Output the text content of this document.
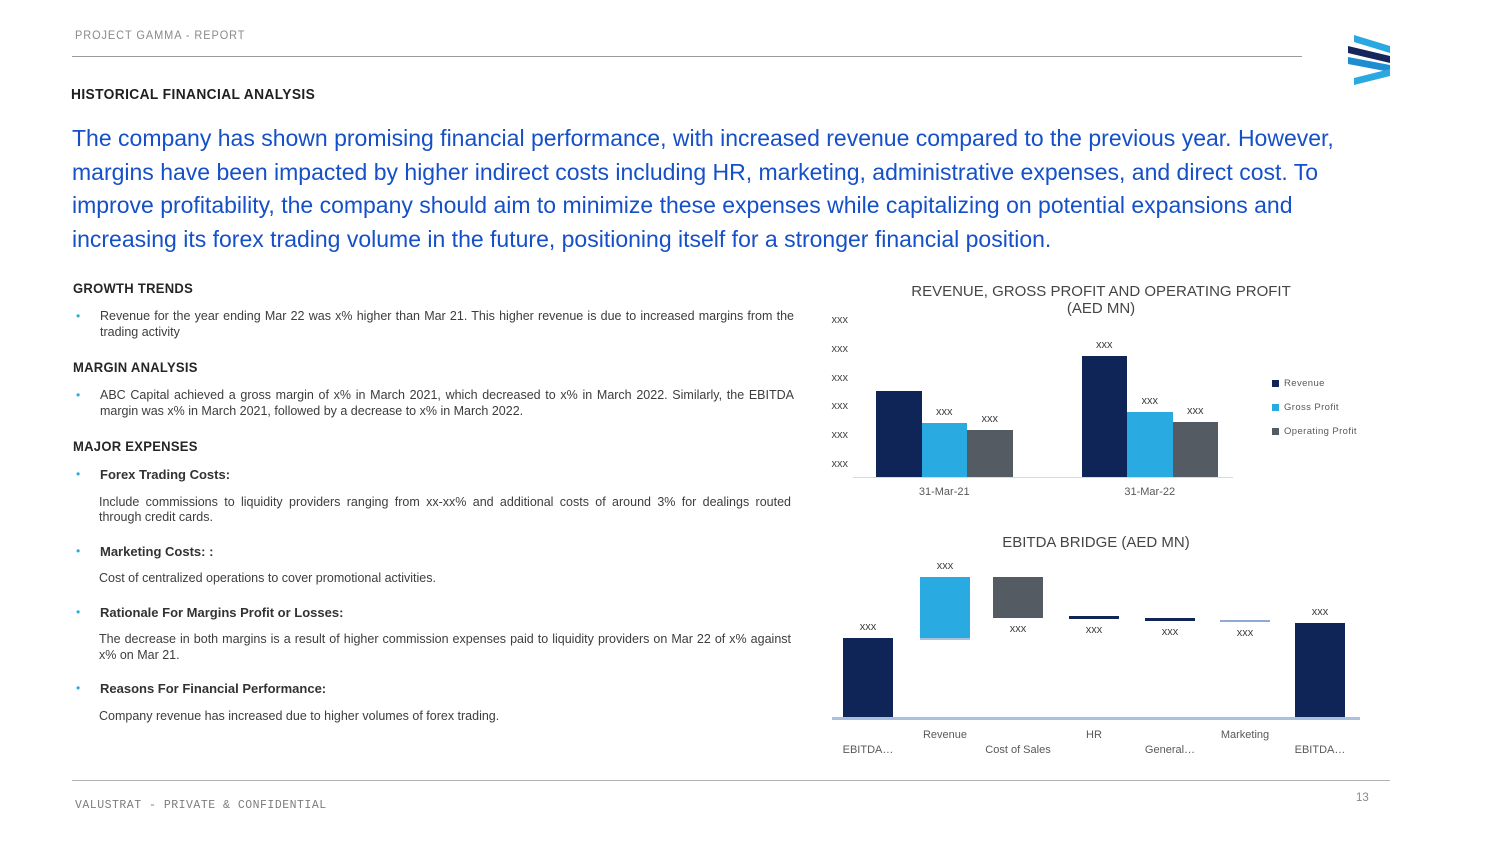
PROJECT GAMMA - REPORT
HISTORICAL FINANCIAL ANALYSIS
The company has shown promising financial performance, with increased revenue compared to the previous year. However, margins have been impacted by higher indirect costs including HR, marketing, administrative expenses, and direct cost. To improve profitability, the company should aim to minimize these expenses while capitalizing on potential expansions and increasing its forex trading volume in the future, positioning itself for a stronger financial position.
GROWTH TRENDS
•	Revenue for the year ending Mar 22 was x% higher than Mar 21. This higher revenue is due to increased margins from the trading activity
MARGIN ANALYSIS
•	ABC Capital achieved a gross margin of x% in March 2021, which decreased to x% in March 2022. Similarly, the EBITDA margin was x% in March 2021, followed by a decrease to x% in March 2022.
MAJOR EXPENSES
•	Forex Trading Costs:
Include commissions to liquidity providers ranging from xx-xx% and additional costs of around 3% for dealings routed through credit cards.
•	Marketing Costs: :
Cost of centralized operations to cover promotional activities.
•	Rationale For Margins Profit or Losses:
The decrease in both margins is a result of higher commission expenses paid to liquidity providers on Mar 22 of x% against x% on Mar 21.
•	Reasons For Financial Performance:
Company revenue has increased due to higher volumes of forex trading.
REVENUE, GROSS PROFIT AND OPERATING PROFIT
(AED MN)
xxx
xxx
xxx
xxx
xxx
xxx
xxx
xxx
31-Mar-21
xxx
xxx
xxx
31-Mar-22
Revenue
Gross Profit
Operating Profit
EBITDA BRIDGE (AED MN)
xxx
EBITDA…
xxx
Revenue
xxx
Cost of Sales
xxx
HR
xxx
General…
xxx
Marketing
xxx
EBITDA…
VALUSTRAT - PRIVATE & CONFIDENTIAL
13
